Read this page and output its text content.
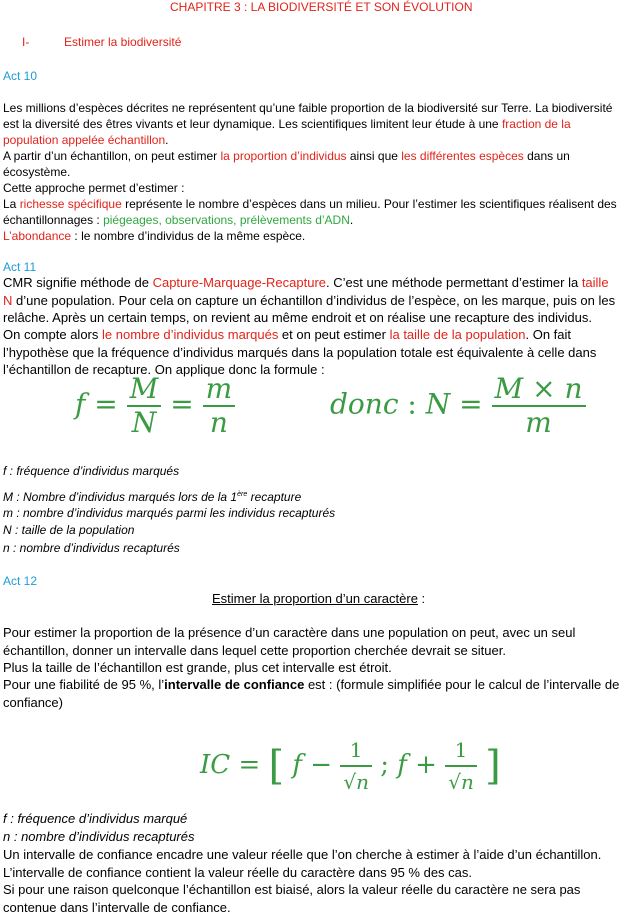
CHAPITRE 3 : LA BIODIVERSITÉ ET SON ÉVOLUTION
I-	Estimer la biodiversité
Act 10
Les millions d’espèces décrites ne représentent qu’une faible proportion de la biodiversité sur Terre. La biodiversité est la diversité des êtres vivants et leur dynamique. Les scientifiques limitent leur étude à une fraction de la population appelée échantillon.
A partir d’un échantillon, on peut estimer la proportion d’individus ainsi que les différentes espèces dans un écosystème.
Cette approche permet d’estimer :
La richesse spécifique représente le nombre d’espèces dans un milieu. Pour l’estimer les scientifiques réalisent des échantillonnages : piégeages, observations, prélèvements d’ADN.
L’abondance : le nombre d’individus de la même espèce.
Act 11
CMR signifie méthode de Capture-Marquage-Recapture. C’est une méthode permettant d’estimer la taille N d’une population. Pour cela on capture un échantillon d’individus de l’espèce, on les marque, puis on les relâche. Après un certain temps, on revient au même endroit et on réalise une recapture des individus.
On compte alors le nombre d’individus marqués et on peut estimer la taille de la population. On fait l’hypothèse que la fréquence d’individus marqués dans la population totale est équivalente à celle dans l’échantillon de recapture. On applique donc la formule :
$f = \frac{M}{N} = \frac{m}{n}$	donc : $N = \frac{M \times n}{m}$
f : fréquence d’individus marqués
M : Nombre d’individus marqués lors de la 1ère recapture
m : nombre d’individus marqués parmi les individus recapturés
N : taille de la population
n : nombre d’individus recapturés
Act 12
Estimer la proportion d’un caractère :
Pour estimer la proportion de la présence d’un caractère dans une population on peut, avec un seul échantillon, donner un intervalle dans lequel cette proportion cherchée devrait se situer.
Plus la taille de l’échantillon est grande, plus cet intervalle est étroit.
Pour une fiabilité de 95 %, l’intervalle de confiance est : (formule simplifiée pour le calcul de l’intervalle de confiance)
IC = [ $f - \frac{1}{√n}$ ; $f + \frac{1}{√n}$ ]
f : fréquence d’individus marqué
n : nombre d’individus recapturés
Un intervalle de confiance encadre une valeur réelle que l’on cherche à estimer à l’aide d’un échantillon.
L’intervalle de confiance contient la valeur réelle du caractère dans 95 % des cas.
Si pour une raison quelconque l’échantillon est biaisé, alors la valeur réelle du caractère ne sera pas contenue dans l’intervalle de confiance.
